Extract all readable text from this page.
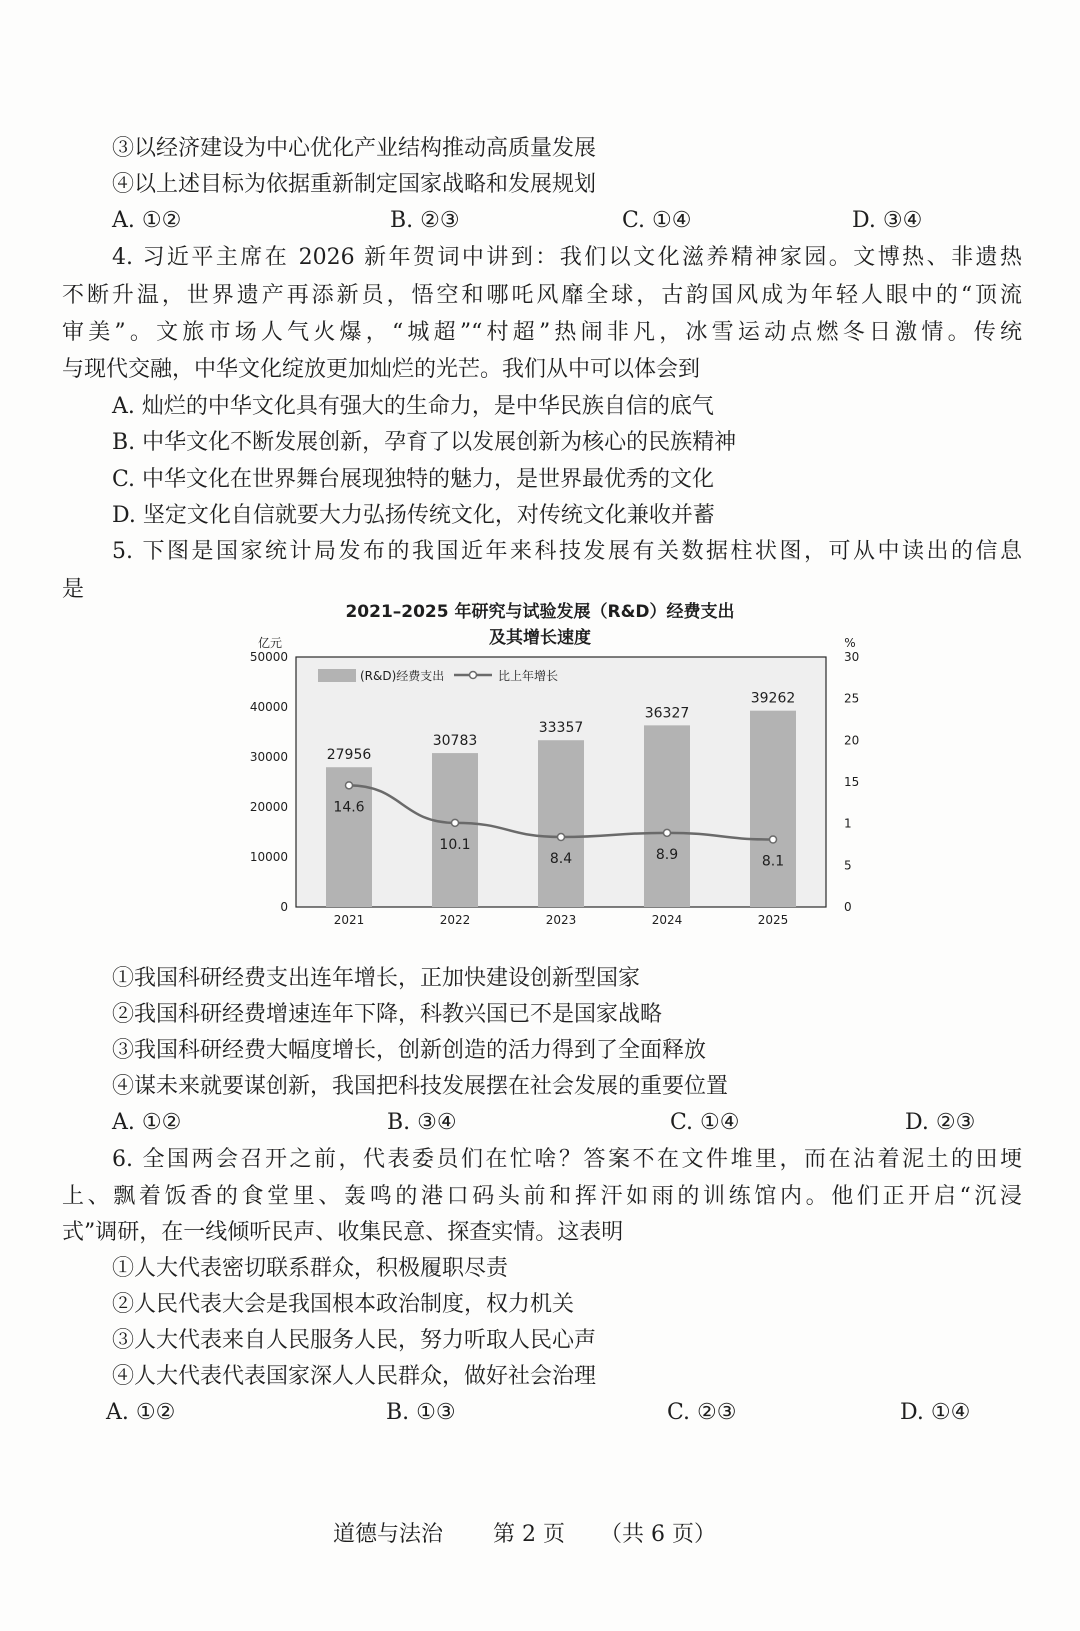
③以经济建设为中心优化产业结构推动高质量发展
④以上述目标为依据重新制定国家战略和发展规划
A. ①②	B. ②③	C. ①④	D. ③④
4. 习近平主席在 2026 新年贺词中讲到：我们以文化滋养精神家园。文博热、非遗热
不断升温，世界遗产再添新员，悟空和哪吒风靡全球，古韵国风成为年轻人眼中的“顶流
审美”。文旅市场人气火爆，“城超”“村超”热闹非凡，冰雪运动点燃冬日激情。传统
与现代交融，中华文化绽放更加灿烂的光芒。我们从中可以体会到
A. 灿烂的中华文化具有强大的生命力，是中华民族自信的底气
B. 中华文化不断发展创新，孕育了以发展创新为核心的民族精神
C. 中华文化在世界舞台展现独特的魅力，是世界最优秀的文化
D. 坚定文化自信就要大力弘扬传统文化，对传统文化兼收并蓄
5. 下图是国家统计局发布的我国近年来科技发展有关数据柱状图，可从中读出的信息
是
2021–2025 年研究与试验发展（R&D）经费支出
及其增长速度
亿元
0
10000
20000
30000
40000
50000
%
0
5
1
15
20
25
30
(R&D)经费支出	比上年增长
27956
30783
33357
36327
39262
2021	2022	2023	2024	2025
14.6
10.1
8.4	8.9	8.1
①我国科研经费支出连年增长，正加快建设创新型国家
②我国科研经费增速连年下降，科教兴国已不是国家战略
③我国科研经费大幅度增长，创新创造的活力得到了全面释放
④谋未来就要谋创新，我国把科技发展摆在社会发展的重要位置
A. ①②	B. ③④	C. ①④	D. ②③
6. 全国两会召开之前，代表委员们在忙啥？答案不在文件堆里，而在沾着泥土的田埂
上、飘着饭香的食堂里、轰鸣的港口码头前和挥汗如雨的训练馆内。他们正开启“沉浸
式”调研，在一线倾听民声、收集民意、探查实情。这表明
①人大代表密切联系群众，积极履职尽责
②人民代表大会是我国根本政治制度，权力机关
③人大代表来自人民服务人民，努力听取人民心声
④人大代表代表国家深人人民群众，做好社会治理
A. ①②	B. ①③	C. ②③	D. ①④
道德与法治 第 2 页 （共 6 页）
